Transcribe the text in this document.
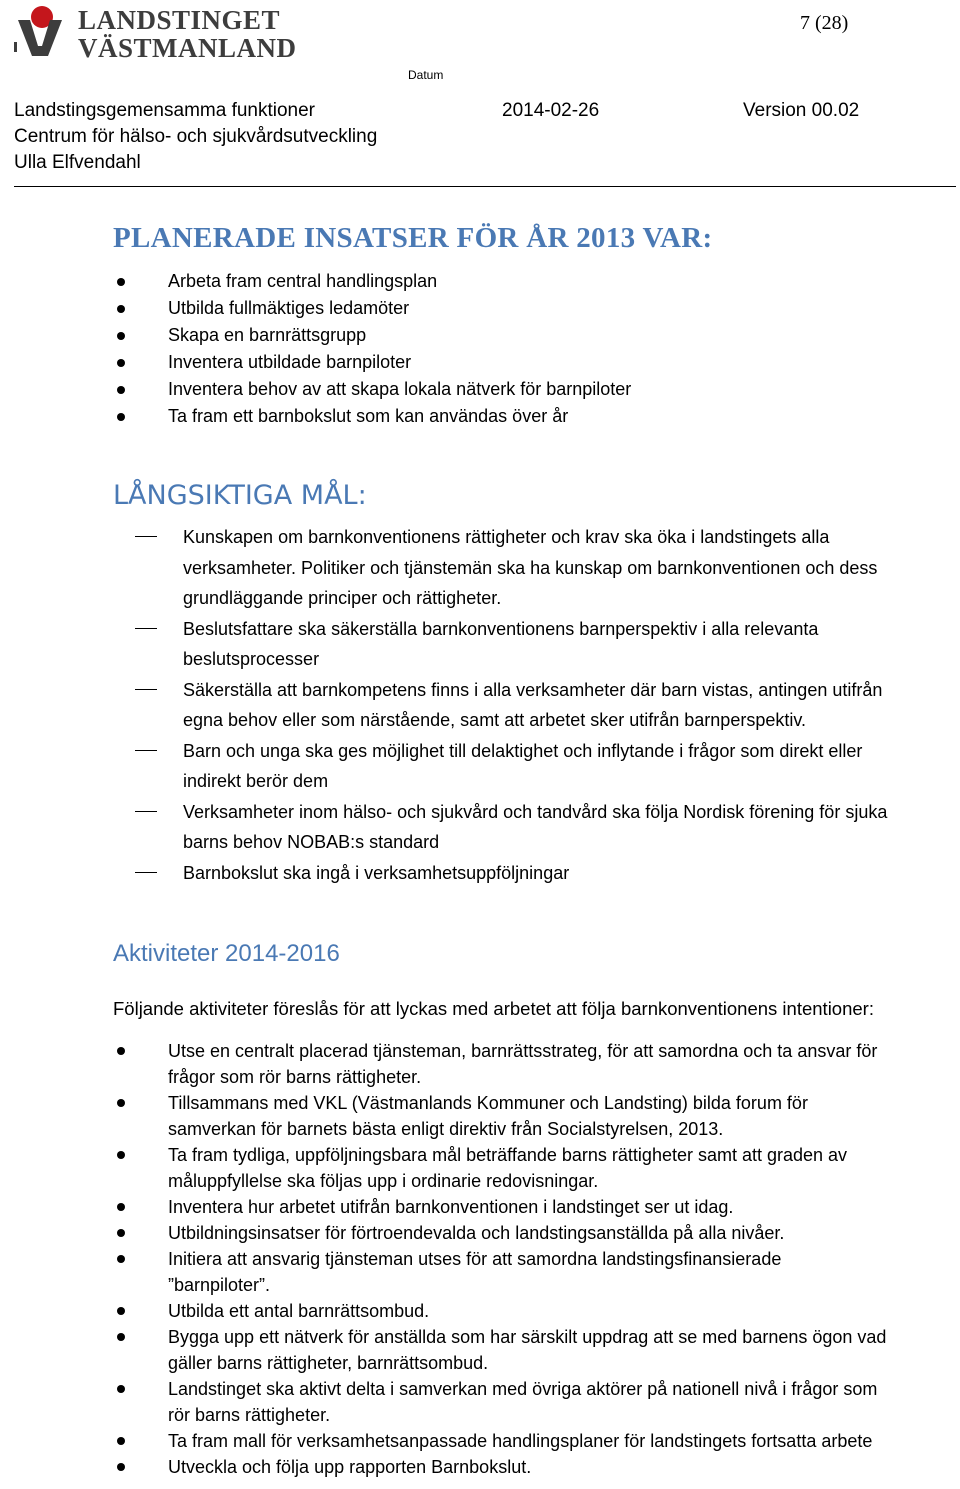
LANDSTINGET
VÄSTMANLAND
7 (28)
Datum
Landstingsgemensamma funktioner	2014-02-26	Version 00.02
Centrum för hälso- och sjukvårdsutveckling
Ulla Elfvendahl
PLANERADE INSATSER FÖR ÅR 2013 VAR:
Arbeta fram central handlingsplan
Utbilda fullmäktiges ledamöter
Skapa en barnrättsgrupp
Inventera utbildade barnpiloter
Inventera behov av att skapa lokala nätverk för barnpiloter
Ta fram ett barnbokslut som kan användas över år
LÅNGSIKTIGA MÅL:
Kunskapen om barnkonventionens rättigheter och krav ska öka i landstingets alla
verksamheter. Politiker och tjänstemän ska ha kunskap om barnkonventionen och dess
grundläggande principer och rättigheter.
Beslutsfattare ska säkerställa barnkonventionens barnperspektiv i alla relevanta
beslutsprocesser
Säkerställa att barnkompetens finns i alla verksamheter där barn vistas, antingen utifrån
egna behov eller som närstående, samt att arbetet sker utifrån barnperspektiv.
Barn och unga ska ges möjlighet till delaktighet och inflytande i frågor som direkt eller
indirekt berör dem
Verksamheter inom hälso- och sjukvård och tandvård ska följa Nordisk förening för sjuka
barns behov NOBAB:s standard
Barnbokslut ska ingå i verksamhetsuppföljningar
Aktiviteter 2014-2016
Följande aktiviteter föreslås för att lyckas med arbetet att följa barnkonventionens intentioner:
Utse en centralt placerad tjänsteman, barnrättsstrateg, för att samordna och ta ansvar för
frågor som rör barns rättigheter.
Tillsammans med VKL (Västmanlands Kommuner och Landsting) bilda forum för
samverkan för barnets bästa enligt direktiv från Socialstyrelsen, 2013.
Ta fram tydliga, uppföljningsbara mål beträffande barns rättigheter samt att graden av
måluppfyllelse ska följas upp i ordinarie redovisningar.
Inventera hur arbetet utifrån barnkonventionen i landstinget ser ut idag.
Utbildningsinsatser för förtroendevalda och landstingsanställda på alla nivåer.
Initiera att ansvarig tjänsteman utses för att samordna landstingsfinansierade
”barnpiloter”.
Utbilda ett antal barnrättsombud.
Bygga upp ett nätverk för anställda som har särskilt uppdrag att se med barnens ögon vad
gäller barns rättigheter, barnrättsombud.
Landstinget ska aktivt delta i samverkan med övriga aktörer på nationell nivå i frågor som
rör barns rättigheter.
Ta fram mall för verksamhetsanpassade handlingsplaner för landstingets fortsatta arbete
Utveckla och följa upp rapporten Barnbokslut.
